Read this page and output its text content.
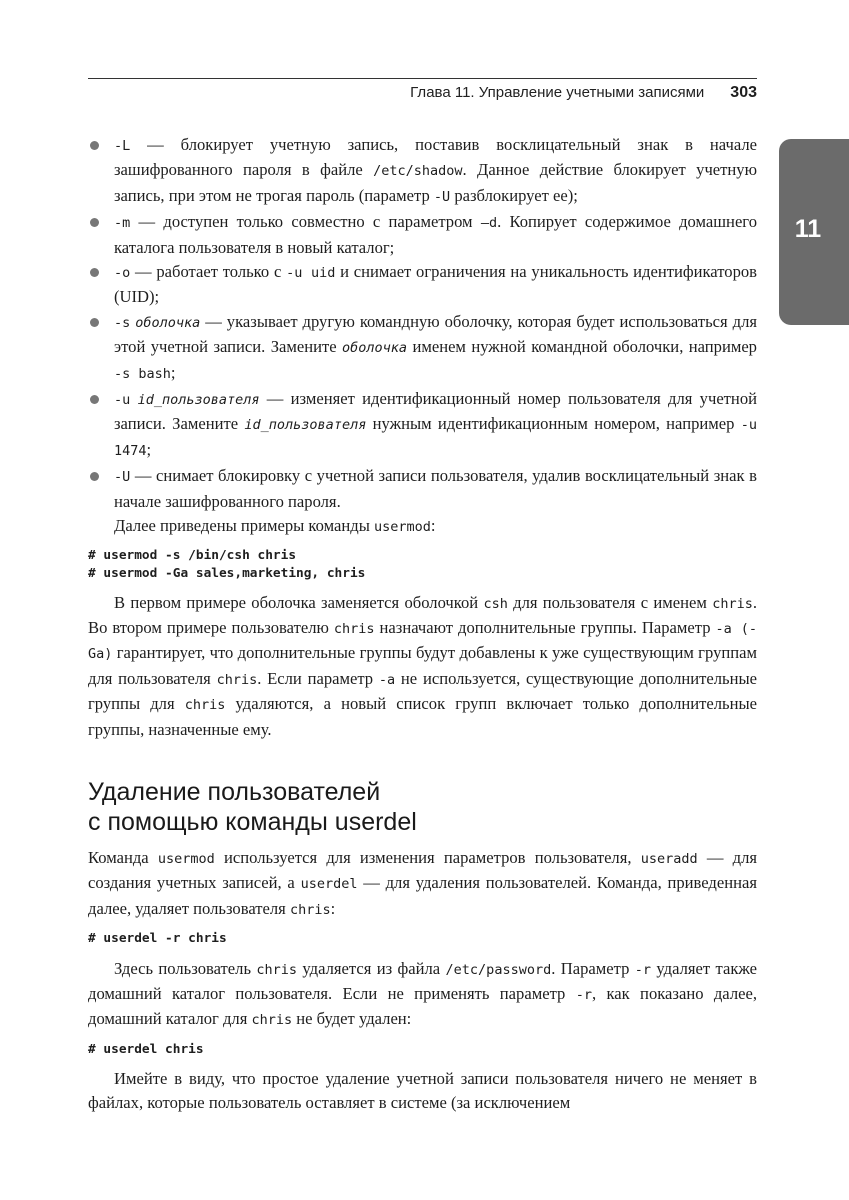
Глава 11. Управление учетными записями 303
11
-L — блокирует учетную запись, поставив восклицательный знак в начале зашифрованного пароля в файле /etc/shadow. Данное действие блокирует учетную запись, при этом не трогая пароль (параметр -U разблокирует ее);
-m — доступен только совместно с параметром –d. Копирует содержимое домашнего каталога пользователя в новый каталог;
-o — работает только с -u uid и снимает ограничения на уникальность идентификаторов (UID);
-s оболочка — указывает другую командную оболочку, которая будет использоваться для этой учетной записи. Замените оболочка именем нужной командной оболочки, например -s bash;
-u id_пользователя — изменяет идентификационный номер пользователя для учетной записи. Замените id_пользователя нужным идентификационным номером, например -u 1474;
-U — снимает блокировку с учетной записи пользователя, удалив восклицательный знак в начале зашифрованного пароля.

Далее приведены примеры команды usermod:

# usermod -s /bin/csh chris
# usermod -Ga sales,marketing, chris

В первом примере оболочка заменяется оболочкой csh для пользователя с именем chris. Во втором примере пользователю chris назначают дополнительные группы. Параметр -a (-Ga) гарантирует, что дополнительные группы будут добавлены к уже существующим группам для пользователя chris. Если параметр -a не используется, существующие дополнительные группы для chris удаляются, а новый список групп включает только дополнительные группы, назначенные ему.

Удаление пользователей
с помощью команды userdel

Команда usermod используется для изменения параметров пользователя, useradd — для создания учетных записей, а userdel — для удаления пользователей. Команда, приведенная далее, удаляет пользователя chris:

# userdel -r chris

Здесь пользователь chris удаляется из файла /etc/password. Параметр -r удаляет также домашний каталог пользователя. Если не применять параметр -r, как показано далее, домашний каталог для chris не будет удален:

# userdel chris

Имейте в виду, что простое удаление учетной записи пользователя ничего не меняет в файлах, которые пользователь оставляет в системе (за исключением
